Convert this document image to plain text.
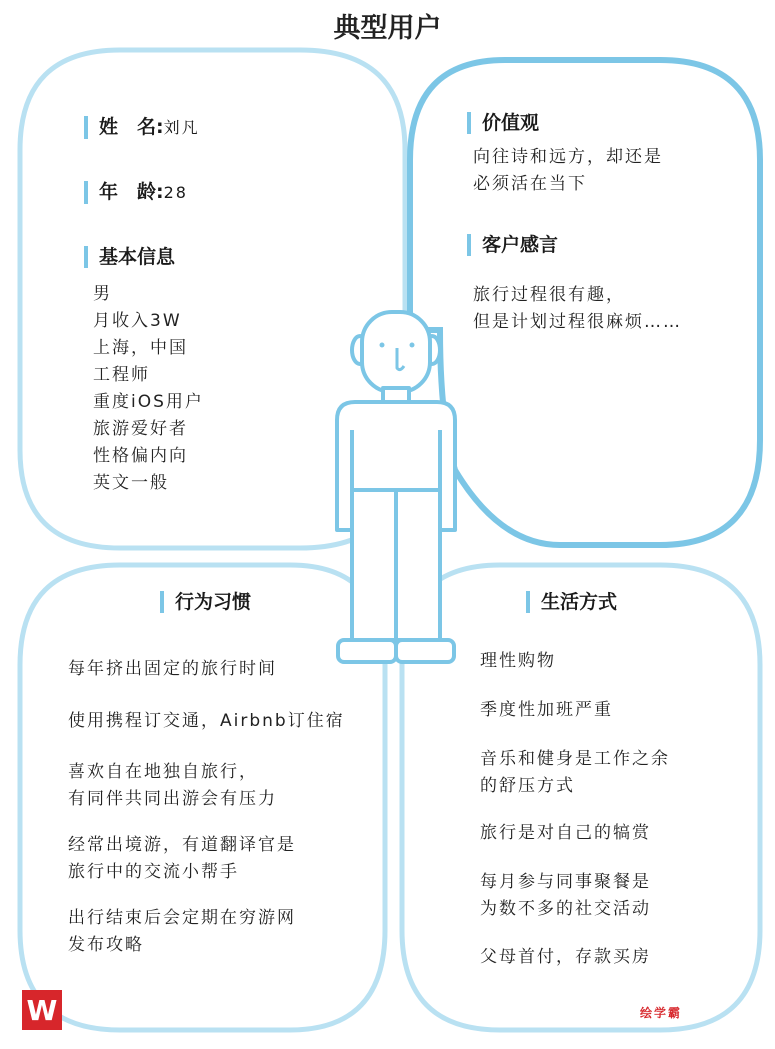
典型用户
姓　名:刘凡
年　龄:28
基本信息
男
月收入3W
上海，中国
工程师
重度iOS用户
旅游爱好者
性格偏内向
英文一般
价值观
向往诗和远方，却还是
必须活在当下
客户感言
旅行过程很有趣，
但是计划过程很麻烦……
行为习惯
每年挤出固定的旅行时间
使用携程订交通，Airbnb订住宿
喜欢自在地独自旅行，
有同伴共同出游会有压力
经常出境游，有道翻译官是
旅行中的交流小帮手
出行结束后会定期在穷游网
发布攻略
生活方式
理性购物
季度性加班严重
音乐和健身是工作之余
的舒压方式
旅行是对自己的犒赏
每月参与同事聚餐是
为数不多的社交活动
父母首付，存款买房
W	绘学霸
